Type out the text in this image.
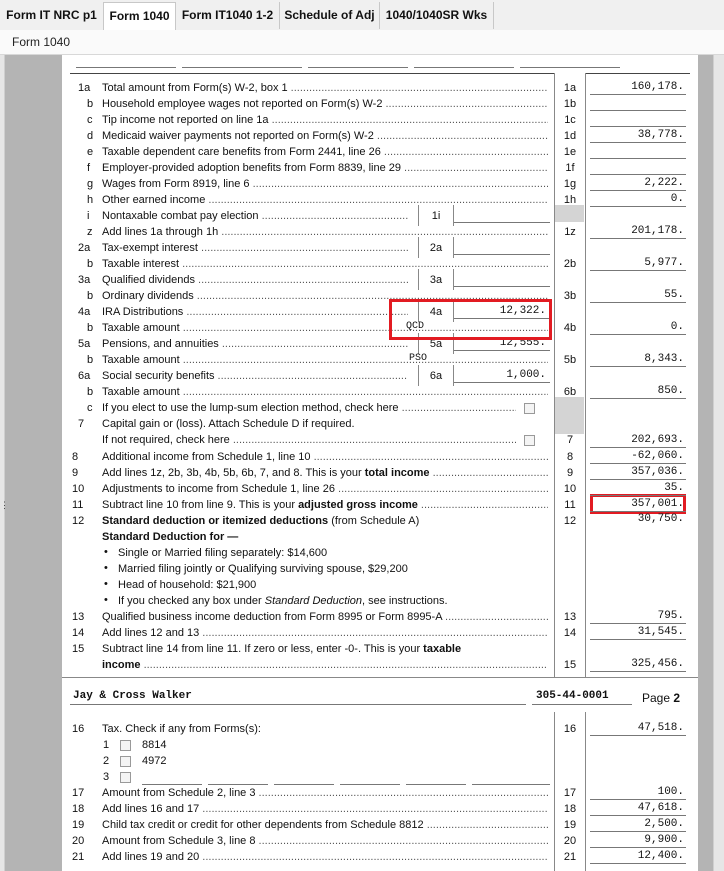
Form IT NRC p1	Form 1040	Form IT1040 1-2 Schedule of Adj 1040/1040SR Wks
Form 1040
⋮
1a Total amount from Form(s) W-2, box 1 .....	1a	160,178.
b Household employee wages not reported on Form(s) W-2 .....	1b
c Tip income not reported on line 1a .....	1c
d Medicaid waiver payments not reported on Form(s) W-2 .....	1d	38,778.
e Taxable dependent care benefits from Form 2441, line 26 .....	1e
f Employer-provided adoption benefits from Form 8839, line 29 .....	1f
g Wages from Form 8919, line 6 .....	1g	2,222.
h Other earned income .....	1h	0.
i Nontaxable combat pay election .....	1i
z Add lines 1a through 1h .....	1z	201,178.
2a Tax-exempt interest .....	2a
b Taxable interest .....	2b	5,977.
3a Qualified dividends .....	3a
b Ordinary dividends .....	3b	55.
4a IRA Distributions .....	4a	12,322.
b Taxable amount .....	4b	0.
5a Pensions, and annuities .....	5a	12,555.
b Taxable amount .....	5b	8,343.
6a Social security benefits .....	6a	1,000.
b Taxable amount .....	6b	850.
QCD
PSO
c If you elect to use the lump-sum election method, check here .....
7 Capital gain or (loss). Attach Schedule D if required.
If not required, check here .....	7	202,693.
8 Additional income from Schedule 1, line 10 .....	8	-62,060.
9 Add lines 1z, 2b, 3b, 4b, 5b, 6b, 7, and 8. This is your total income .....	9	357,036.
10 Adjustments to income from Schedule 1, line 26 .....	10	35.
11 Subtract line 10 from line 9. This is your adjusted gross income .....	11	357,001.
12 Standard deduction or itemized deductions (from Schedule A)	12	30,750.
Standard Deduction for —
• Single or Married filing separately: $14,600
• Married filing jointly or Qualifying surviving spouse, $29,200
• Head of household: $21,900
• If you checked any box under Standard Deduction, see instructions.
13 Qualified business income deduction from Form 8995 or Form 8995-A .....	13	795.
14 Add lines 12 and 13 .....	14	31,545.
15 Subtract line 14 from line 11. If zero or less, enter -0-. This is your taxable
income .....	15	325,456.
Jay & Cross Walker	305-44-0001	Page 2
16 Tax. Check if any from Forms(s):	16	47,518.
1	8814
2	4972
3
17 Amount from Schedule 2, line 3 .....	17	100.
18 Add lines 16 and 17 .....	18	47,618.
19 Child tax credit or credit for other dependents from Schedule 8812 .....	19	2,500.
20 Amount from Schedule 3, line 8 .....	20	9,900.
21 Add lines 19 and 20 .....	21	12,400.
